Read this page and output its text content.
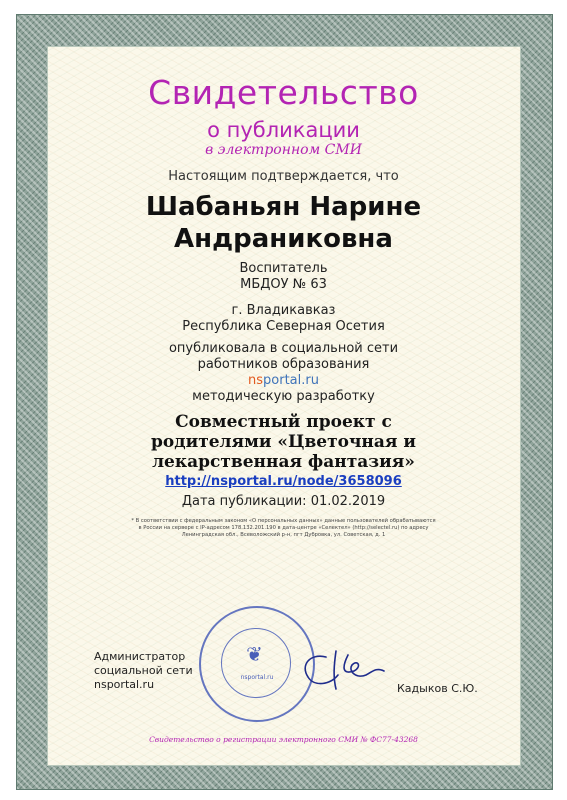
Свидетельство
о публикации
в электронном СМИ
Настоящим подтверждается, что
Шабаньян Нарине
Андраниковна
Воспитатель
МБДОУ № 63
г. Владикавказ
Республика Северная Осетия
опубликовала в социальной сети
работников образования
nsportal.ru
методическую разработку
Совместный проект с
родителями «Цветочная и
лекарственная фантазия»
http://nsportal.ru/node/3658096
Дата публикации: 01.02.2019
* В соответствии с федеральным законом «О персональных данных» данные пользователей обрабатываются
в России на сервере с IP-адресом 178.132.201.190 в дата-центре «Селектел» (http://selectel.ru) по адресу
Ленинградская обл., Всеволожский р-н, пгт Дубровка, ул. Советская, д. 1
Администратор
социальной сети
nsportal.ru
❦
nsportal.ru
Кадыков С.Ю.
Свидетельство о регистрации электронного СМИ № ФС77-43268
